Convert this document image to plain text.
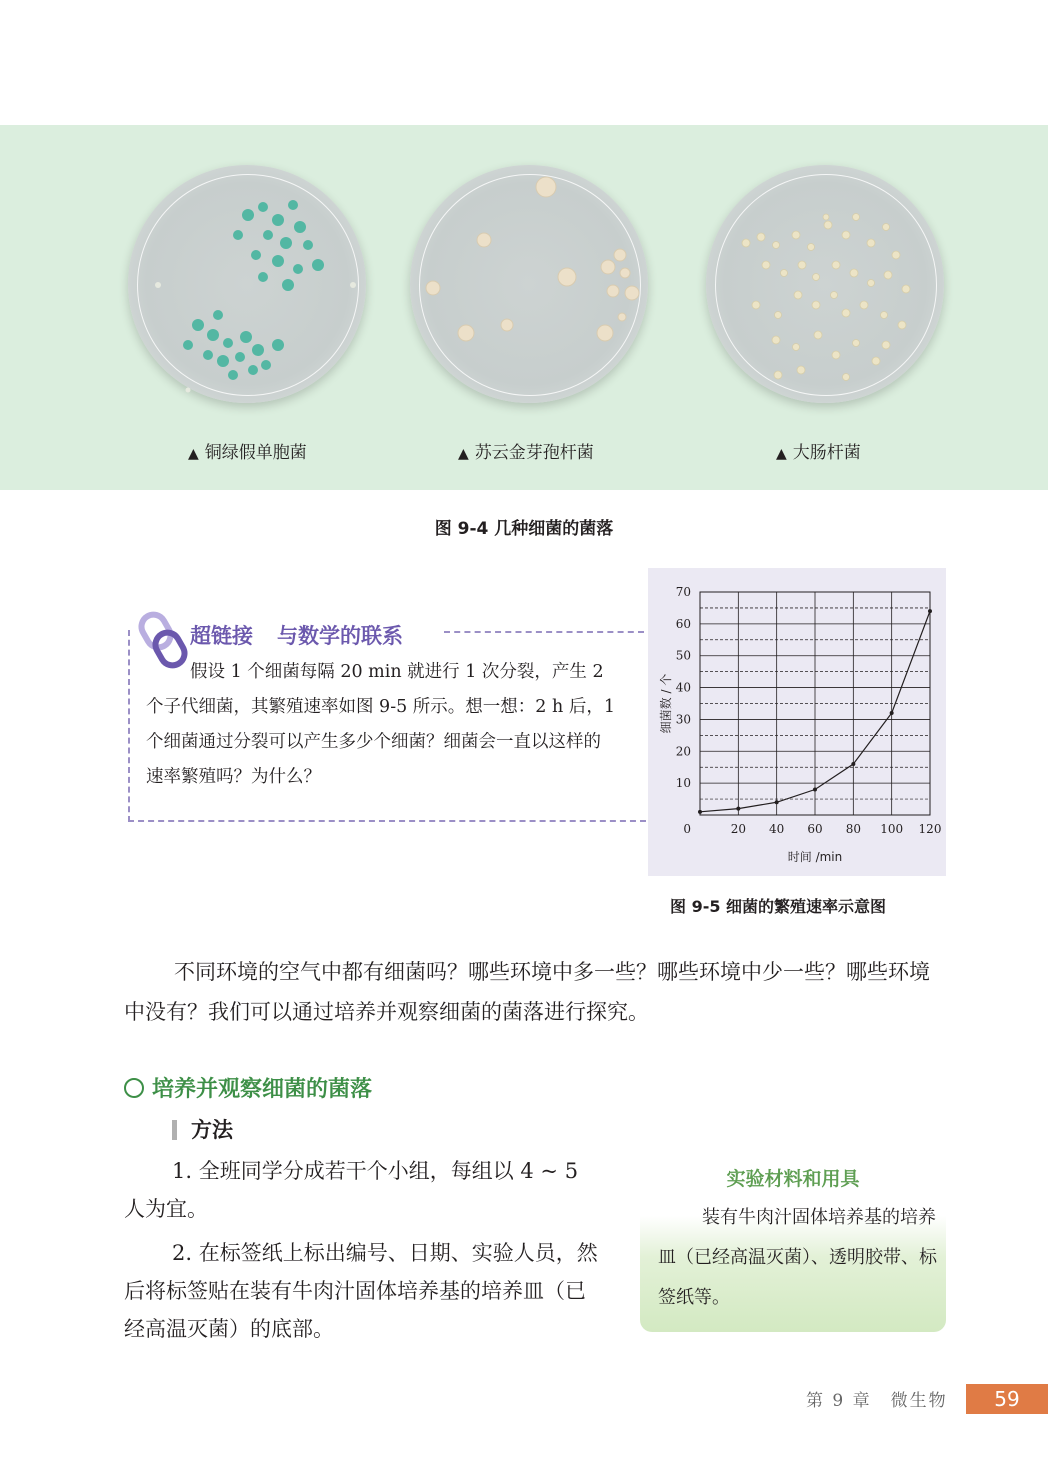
▲ 铜绿假单胞菌	▲ 苏云金芽孢杆菌	▲ 大肠杆菌
图 9-4 几种细菌的菌落
超链接 与数学的联系

假设 1 个细菌每隔 20 min 就进行 1 次分裂，产生 2 个子代细菌，其繁殖速率如图 9-5 所示。想一想：2 h 后，1 个细菌通过分裂可以产生多少个细菌？细菌会一直以这样的速率繁殖吗？为什么？

20 40 60 80 100 120
10
20
30
40
50
60
70
0
时间 /min
细菌数 / 个
图 9-5 细菌的繁殖速率示意图

不同环境的空气中都有细菌吗？哪些环境中多一些？哪些环境中少一些？哪些环境中没有？我们可以通过培养并观察细菌的菌落进行探究。

培养并观察细菌的菌落
方法

1. 全班同学分成若干个小组，每组以 4 ~ 5 人为宜。

2. 在标签纸上标出编号、日期、实验人员，然后将标签贴在装有牛肉汁固体培养基的培养皿（已经高温灭菌）的底部。

实验材料和用具

装有牛肉汁固体培养基的培养皿（已经高温灭菌）、透明胶带、标签纸等。

第 9 章　微生物	59
